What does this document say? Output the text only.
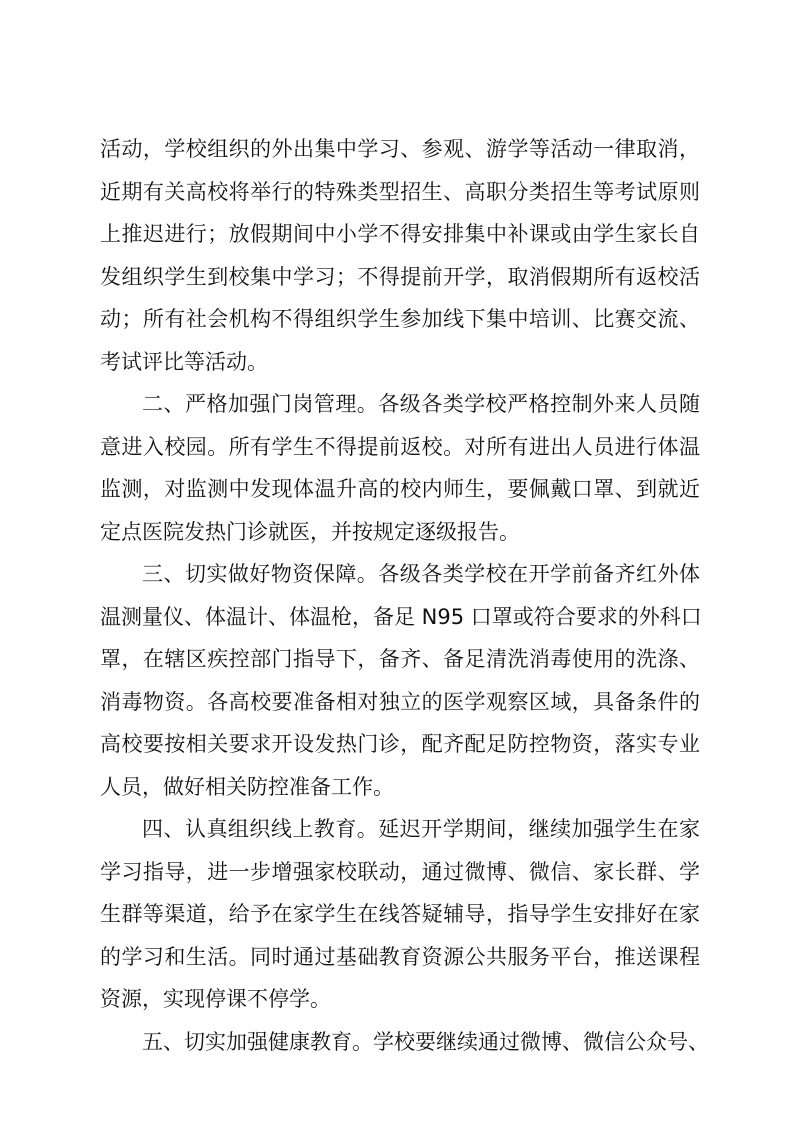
活动，学校组织的外出集中学习、参观、游学等活动一律取消，
近期有关高校将举行的特殊类型招生、高职分类招生等考试原则
上推迟进行；放假期间中小学不得安排集中补课或由学生家长自
发组织学生到校集中学习；不得提前开学，取消假期所有返校活
动；所有社会机构不得组织学生参加线下集中培训、比赛交流、
考试评比等活动。
二、严格加强门岗管理。各级各类学校严格控制外来人员随
意进入校园。所有学生不得提前返校。对所有进出人员进行体温
监测，对监测中发现体温升高的校内师生，要佩戴口罩、到就近
定点医院发热门诊就医，并按规定逐级报告。
三、切实做好物资保障。各级各类学校在开学前备齐红外体
温测量仪、体温计、体温枪，备足 N95 口罩或符合要求的外科口
罩，在辖区疾控部门指导下，备齐、备足清洗消毒使用的洗涤、
消毒物资。各高校要准备相对独立的医学观察区域，具备条件的
高校要按相关要求开设发热门诊，配齐配足防控物资，落实专业
人员，做好相关防控准备工作。
四、认真组织线上教育。延迟开学期间，继续加强学生在家
学习指导，进一步增强家校联动，通过微博、微信、家长群、学
生群等渠道，给予在家学生在线答疑辅导，指导学生安排好在家
的学习和生活。同时通过基础教育资源公共服务平台，推送课程
资源，实现停课不停学。
五、切实加强健康教育。学校要继续通过微博、微信公众号、
